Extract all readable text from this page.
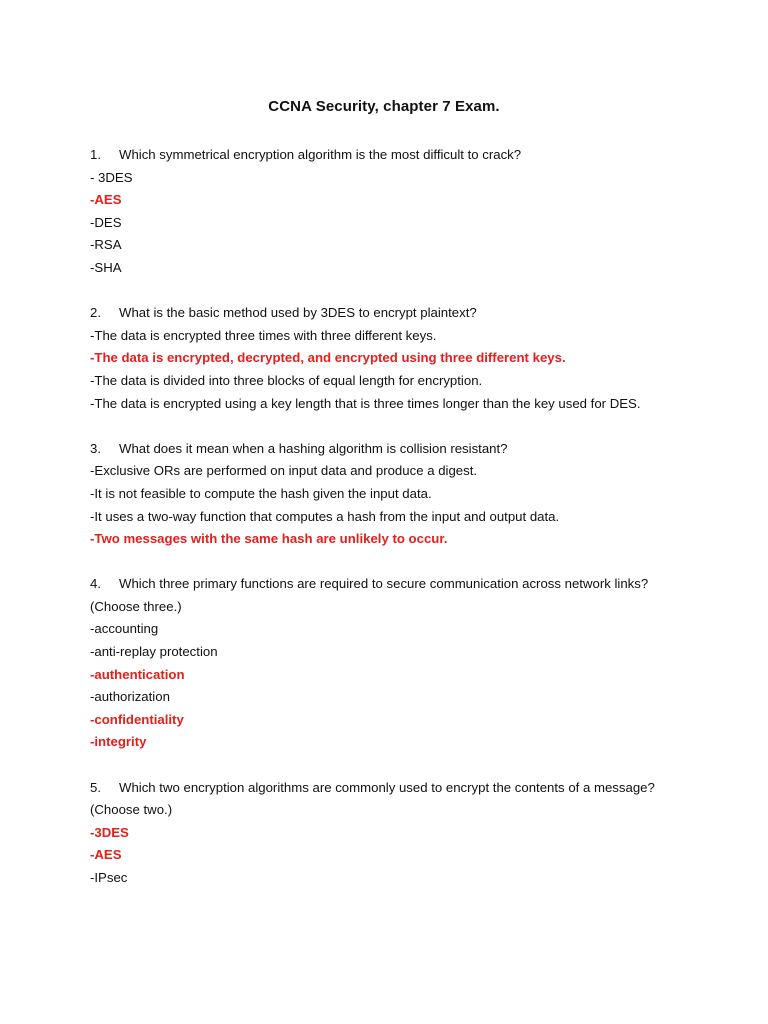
CCNA Security, chapter 7 Exam.
1.	Which symmetrical encryption algorithm is the most difficult to crack?
- 3DES
-AES
-DES
-RSA
-SHA
2.	What is the basic method used by 3DES to encrypt plaintext?
-The data is encrypted three times with three different keys.
-The data is encrypted, decrypted, and encrypted using three different keys.
-The data is divided into three blocks of equal length for encryption.
-The data is encrypted using a key length that is three times longer than the key used for DES.
3.	What does it mean when a hashing algorithm is collision resistant?
-Exclusive ORs are performed on input data and produce a digest.
-It is not feasible to compute the hash given the input data.
-It uses a two-way function that computes a hash from the input and output data.
-Two messages with the same hash are unlikely to occur.
4. Which three primary functions are required to secure communication across network links? (Choose three.)
-accounting
-anti-replay protection
-authentication
-authorization
-confidentiality
-integrity
5. Which two encryption algorithms are commonly used to encrypt the contents of a message? (Choose two.)
-3DES
-AES
-IPsec
